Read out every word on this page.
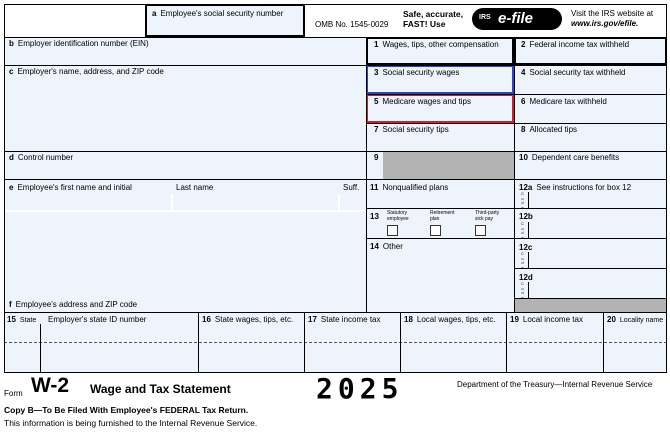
a Employee's social security number
OMB No. 1545-0029
Safe, accurate,
FAST! Use
IRS e-file	Visit the IRS website at
www.irs.gov/efile.
b Employer identification number (EIN)
c Employer's name, address, and ZIP code
d Control number
e Employee's first name and initial	Last name	Suff.
f Employee's address and ZIP code
1 Wages, tips, other compensation
3 Social security wages
5 Medicare wages and tips
7 Social security tips
9
11 Nonqualified plans
13 Statutory employee
Retirement plan
Third-party sick pay
14 Other
2 Federal income tax withheld
4 Social security tax withheld
6 Medicare tax withheld
8 Allocated tips
10 Dependent care benefits
12a See instructions for box 12
C o d e
12b
C o d e
12c
C o d e
12d
C o d e
15 State Employer's state ID number	16 State wages, tips, etc. 17 State income tax	18 Local wages, tips, etc. 19 Local income tax	20 Locality name
Form W-2 Wage and Tax Statement	2025	Department of the Treasury—Internal Revenue Service
Copy B—To Be Filed With Employee's FEDERAL Tax Return.
This information is being furnished to the Internal Revenue Service.
